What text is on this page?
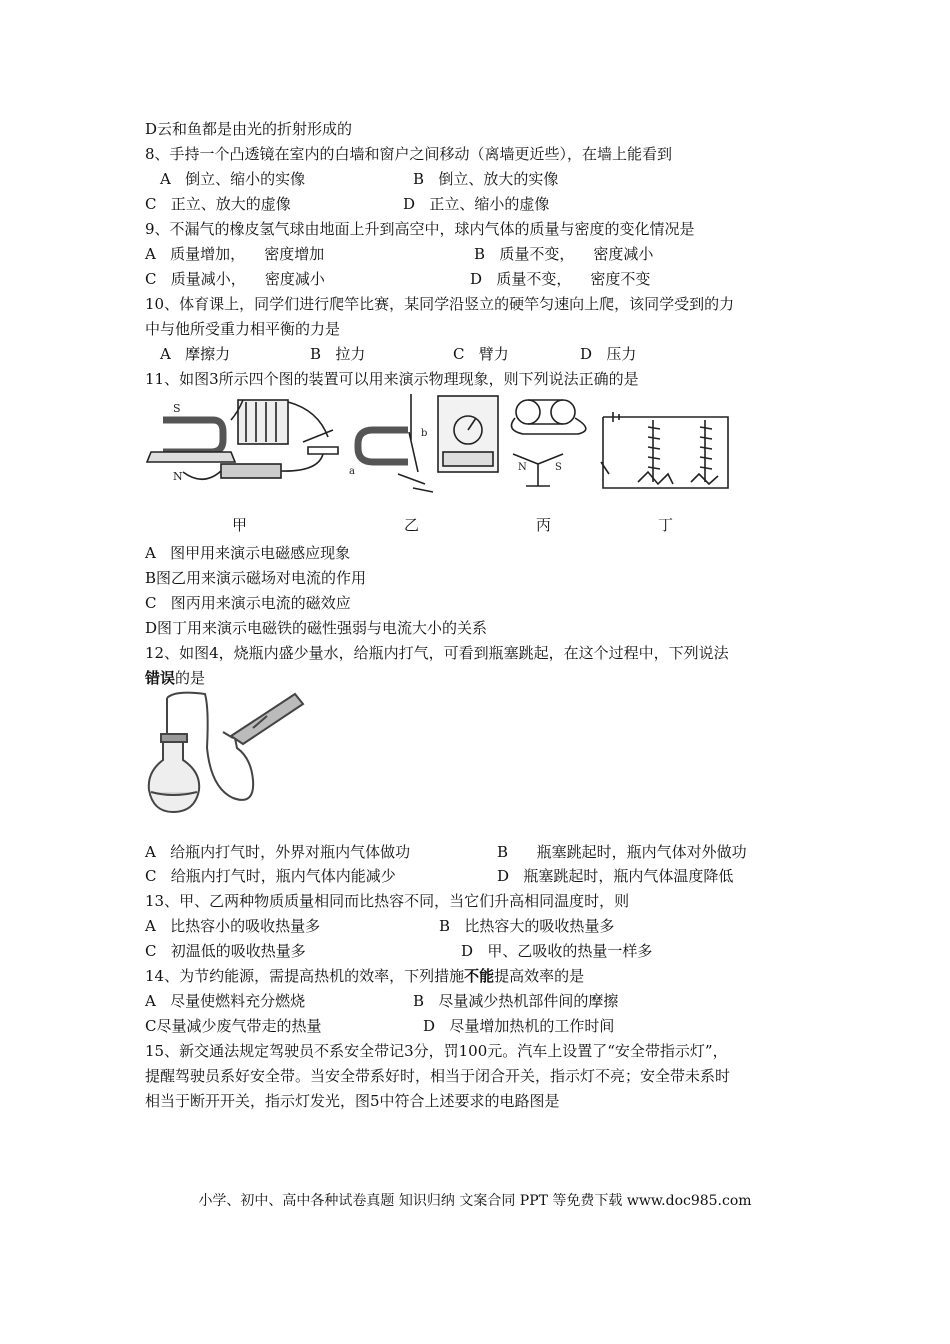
D云和鱼都是由光的折射形成的
8、手持一个凸透镜在室内的白墙和窗户之间移动（离墙更近些），在墙上能看到
A   倒立、缩小的实像	B   倒立、放大的实像
C   正立、放大的虚像	D   正立、缩小的虚像
9、不漏气的橡皮氢气球由地面上升到高空中，球内气体的质量与密度的变化情况是
A   质量增加，    密度增加	B   质量不变，    密度减小
C   质量减小，    密度减小	D   质量不变，    密度不变
10、体育课上，同学们进行爬竿比赛，某同学沿竖立的硬竿匀速向上爬，该同学受到的力
中与他所受重力相平衡的力是
A   摩擦力	B   拉力	C   臂力	D   压力
11、如图3所示四个图的装置可以用来演示物理现象，则下列说法正确的是
S
N	a
b
N	S
甲	乙	丙	丁
A   图甲用来演示电磁感应现象
B图乙用来演示磁场对电流的作用
C   图丙用来演示电流的磁效应
D图丁用来演示电磁铁的磁性强弱与电流大小的关系
12、如图4，烧瓶内盛少量水，给瓶内打气，可看到瓶塞跳起，在这个过程中，下列说法
错误的是
A   给瓶内打气时，外界对瓶内气体做功	B      瓶塞跳起时，瓶内气体对外做功
C   给瓶内打气时，瓶内气体内能减少	D   瓶塞跳起时，瓶内气体温度降低
13、甲、乙两种物质质量相同而比热容不同，当它们升高相同温度时，则
A   比热容小的吸收热量多	B   比热容大的吸收热量多
C   初温低的吸收热量多	D   甲、乙吸收的热量一样多
14、为节约能源，需提高热机的效率，下列措施不能提高效率的是
A   尽量使燃料充分燃烧	B   尽量减少热机部件间的摩擦
C尽量减少废气带走的热量	D   尽量增加热机的工作时间
15、新交通法规定驾驶员不系安全带记3分，罚100元。汽车上设置了“安全带指示灯”，
提醒驾驶员系好安全带。当安全带系好时，相当于闭合开关，指示灯不亮；安全带未系时
相当于断开开关，指示灯发光，图5中符合上述要求的电路图是
小学、初中、高中各种试卷真题 知识归纳 文案合同 PPT 等免费下载 www.doc985.com
